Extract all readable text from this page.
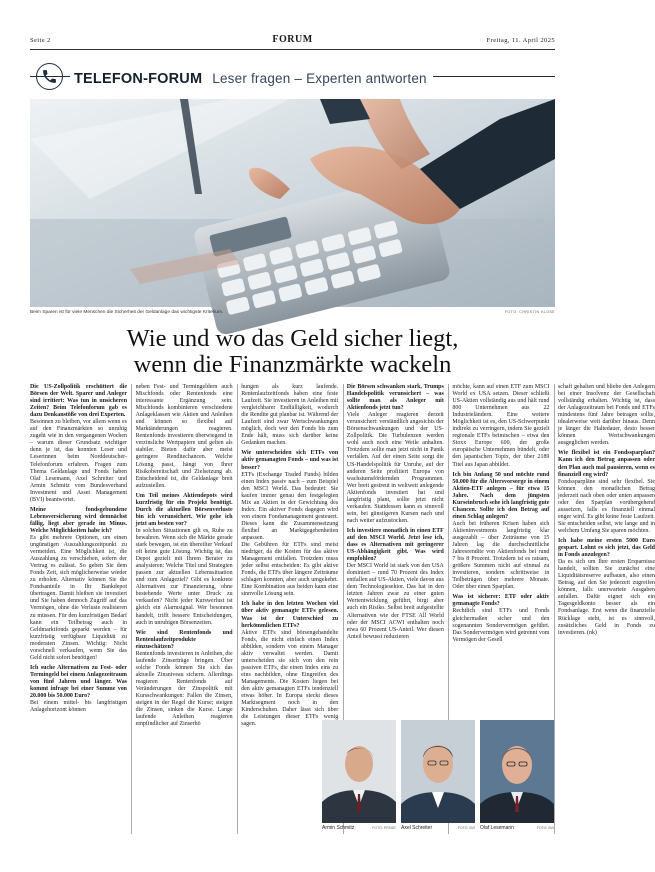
Seite 2	FORUM	Freitag, 11. April 2025
TELEFON-FORUM Leser fragen – Experten antworten
Beim Sparen ist für viele Menschen die Sicherheit der Geldanlage das wichtigste Kriterium.	FOTO: CHRISTIN KLOSE
Wie und wo das Geld sicher liegt,
wenn die Finanzmärkte wackeln

Die US-Zollpolitik erschüttert die Börsen der Welt. Sparer und Anleger sind irritiert: Was tun in unsicheren Zeiten? Beim Telefonforum gab es dazu Denkanstöße von drei Experten.

Besonnen zu bleiben, vor allem wenn es auf den Finanzmärkten so unruhig zugeht wie in den vergangenen Wochen – warum dieser Grundsatz wichtiger denn je ist, das konnten Leser und Leserinnen beim Norddeutscher-Telefonforum erfahren. Fragen zum Thema Geldanlage und Fonds haben Olaf Lesemann, Axel Schreiter und Armin Schmitz vom Bundesverband Investment und Asset Management (BVI) beantwortet.

Meine fondsgebundene Lebensversicherung wird demnächst fällig, liegt aber gerade im Minus. Welche Möglichkeiten habe ich?

Es gibt mehrere Optionen, um einen ungünstigen Auszahlungszeitpunkt zu vermeiden. Eine Möglichkeit ist, die Auszahlung zu verschieben, sofern der Vertrag es zulässt. So geben Sie dem Fonds Zeit, sich möglicherweise wieder zu erholen. Alternativ können Sie die Fondsanteile in Ihr Bankdepot übertragen. Damit bleiben sie investiert und Sie haben dennoch Zugriff auf das Vermögen, ohne die Verluste realisieren zu müssen. Für den kurzfristigen Bedarf kann ein Teilbetrag auch in Geldmarktfonds geparkt werden – für kurzfristig verfügbare Liquidität zu moderaten Zinsen. Wichtig: Nicht vorschnell verkaufen, wenn Sie das Geld nicht sofort benötigen!

Ich suche Alternativen zu Fest- oder Termingeld bei einem Anlagezeitraum von fünf Jahren und länger. Was kommt infrage bei einer Summe von 20.000 bis 50.000 Euro?

Bei einem mittel- bis langfristigen Anlagehorizont können

neben Fest- und Termingeldern auch Mischfonds oder Rentenfonds eine interessante Ergänzung sein. Mischfonds kombinieren verschiedene Anlageklassen wie Aktien und Anleihen und können so flexibel auf Marktänderungen reagieren. Rentenfonds investieren überwiegend in verzinsliche Wertpapiere und gelten als stabiler. Bieten dafür aber meist geringere Renditechancen. Welche Lösung passt, hängt von Ihrer Risikobereitschaft und Zielsetzung ab. Entscheidend ist, die Geldanlage breit aufzustellen.

Um Teil meines Aktiendepots wird kurzfristig für ein Projekt benötigt. Durch die aktuellen Börsenverluste bin ich verunsichert. Wie gehe ich jetzt am besten vor?

In solchen Situationen gilt es, Ruhe zu bewahren. Wenn sich die Märkte gerade stark bewegen, ist ein übereilter Verkauf oft keine gute Lösung. Wichtig ist, das Depot gezielt mit Ihrem Berater zu analysieren: Welche Titel und Strategien passen zur aktuellen Lebenssituation und zum Anlageziel? Gibt es konkrete Alternativen zur Finanzierung, ohne bestehende Werte unter Druck zu verkaufen? Nicht jeder Kurswerlust ist gleich ein Alarmsignal. Wer besonnen handelt, trifft bessere Entscheidungen, auch in unruhigen Börsenzeiten.

Wie sind Rentenfonds und Rentenlaufzeitprodukte einzuschätzen?

Rentenfonds investieren in Anleihen, die laufende Zinserträge bringen. Über solche Fonds können Sie sich das aktuelle Zinsniveau sichern. Allerdings reagieren Rentenfonds auf Veränderungen der Zinspolitik mit Kursschwankungen: Fallen die Zinsen, steigen in der Regel die Kurse; steigen die Zinsen, sinken die Kurse. Lange laufende Anleihen reagieren empfindlicher auf Zinserhö

hungen als kurz laufende. Rentenlaufzeitfonds haben eine feste Laufzeit. Sie investieren in Anleihen mit vergleichbarer Endfälligkeit, wodurch die Rendite gut planbar ist. Während der Laufzeit sind zwar Wertschwankungen möglich, doch wer den Fonds bis zum Ende hält, muss sich darüber keine Gedanken machen.

Wie unterscheiden sich ETFs von aktiv gemanagten Fonds – und was ist besser?

ETFs (Exchange Traded Funds) bilden einen Index passiv nach – zum Beispiel den MSCI World. Das bedeutet: Sie kaufen immer genau den festgelegten Mix an Aktien in der Gewichtung des Index. Ein aktiver Fonds dagegen wird von einem Fondsmanagement gesteuert. Dieses kann die Zusammensetzung flexibel an Marktgegebenheiten anpassen.

Die Gebühren für ETFs sind meist niedriger, da die Kosten für das aktive Management entfallen. Trotzdem muss jeder selbst entscheiden: Es gibt aktive Fonds, die ETFs über längere Zeiträume schlagen konnten, aber auch umgekehrt. Eine Kombination aus beiden kann eine sinnvolle Lösung sein.

Ich habe in den letzten Wochen viel über aktiv gemanagte ETFs gelesen. Was ist der Unterschied zu herkömmlichen ETFs?

Aktive ETFs sind börsengehandelte Fonds, die nicht einfach einen Index abbilden, sondern von einem Manager aktiv verwaltet werden. Damit unterscheiden sie sich von den rein passiven ETFs, die einen Index eins zu eins nachbilden, ohne Eingreifen des Managements. Die Kosten liegen bei den aktiv gemanagten ETFs tendenziell etwas höher. In Europa steckt dieses Marktsegment noch in den Kinderschuhen. Daher lässt sich über die Leistungen dieser ETFs wenig sagen.

Die Börsen schwanken stark, Trumps Handelspolitik verunsichert – was sollte man als Anleger mit Aktienfonds jetzt tun?

Viele Anleger reagieren derzeit verunsichert: verständlich angesichts der Börsenschwankungen und der US-Zollpolitik. Die Turbulenzen werden wohl auch noch eine Weile anhalten. Trotzdem sollte man jetzt nicht in Panik verfallen. Auf der einen Seite sorgt die US-Handelspolitik für Unruhe, auf der anderen Seite profitiert Europa von wachstumsfördernden Programmen. Wer breit gestreut in weltweit anlegende Aktienfonds investiert hat und langfristig plant, sollte jetzt nicht verkaufen. Stattdessen kann es sinnvoll sein, bei günstigeren Kursen nach und nach weiter aufzustocken.

Ich investiere monatlich in einen ETF auf den MSCI World. Jetzt lese ich, dass es Alternativen mit geringerer US-Abhängigkeit gibt. Was wird empfohlen?

Der MSCI World ist stark von den USA dominiert – rund 70 Prozent des Index entfallen auf US-Aktien, viele davon aus dem Technologiesektor. Das hat in den letzten Jahren zwar zu einer guten Wertentwicklung geführt, birgt aber auch ein Risiko. Selbst breit aufgestellte Alternativen wie der FTSE All World oder der MSCI ACWI enthalten noch etwa 60 Prozent US-Anteil. Wer diesen Anteil bewusst reduzieren

möchte, kann auf einen ETF zum MSCI World ex USA setzen. Dieser schließt US-Aktien vollständig aus und hält rund 800 Unternehmen aus 22 Industrieländern. Eine weitere Möglichkeit ist es, den US-Schwerpunkt indirekt zu verringern, indem Sie gezielt regionale ETFs beimischen – etwa den Stoxx Europe 600, der große europäische Unternehmen bündelt, oder den japanischen Topix, der über 2189 Titel aus Japan abbildet.

Ich bin Anfang 50 und möchte rund 50.000 für die Altersvorsorge in einem Aktien-ETF anlegen – für etwa 15 Jahre. Nach dem jüngsten Kurseinbruch sehe ich langfristig gute Chancen. Sollte ich den Betrag auf einen Schlag anlegen?

Auch bei früheren Krisen haben sich Aktieninvestments langfristig klar ausgezahlt – über Zeiträume von 15 Jahren lag die durchschnittliche Jahresrendite von Aktienfonds bei rund 7 bis 8 Prozent. Trotzdem ist es ratsam, größere Summen nicht auf einmal zu investieren, sondern schrittweise in Teilbeträgen über mehrere Monate. Oder über einen Sparplan.

Was ist sicherer: ETF oder aktiv gemanagte Fonds?

Rechtlich sind ETFs und Fonds gleichermaßen sicher und den sogenannten Sondervermögen geführt. Das Sondervermögen wird getrennt vom Vermögen der Gesell

schaft gehalten und bliebe den Anlegern bei einer Insolvenz der Gesellschaft vollständig erhalten. Wichtig ist, dass der Anlagezeitraum bei Fonds und ETFs mindestens fünf Jahre betragen sollte, idealerweise weit darüber hinaus. Denn je länger die Haltedauer, desto besser können Wertschwankungen ausgeglichen werden.

Wie flexibel ist ein Fondssparplan? Kann ich den Betrag anpassen oder den Plan auch mal pausieren, wenn es finanziell eng wird?

Fondssparpläne sind sehr flexibel. Sie können den monatlichen Betrag jederzeit nach oben oder unten anpassen oder den Sparplan vorübergehend aussetzen, falls es finanziell einmal enger wird. Es gibt keine feste Laufzeit. Sie entscheiden selbst, wie lange und in welchem Umfang Sie sparen möchten.

Ich habe meine ersten 5000 Euro gespart. Lohnt es sich jetzt, das Geld in Fonds anzulegen?

Da es sich um Ihre ersten Ersparnisse handelt, sollten Sie zunächst eine Liquiditätsreserve aufbauen, also einen Betrag, auf den Sie jederzeit zugreifen können, falls unerwartete Ausgaben anfallen. Dafür eignet sich ein Tagesgeldkonto besser als ein Fondsanlage. Erst wenn die finanzielle Rücklage steht, ist es sinnvoll, zusätzliches Geld in Fonds zu investieren. (nk)

Armin Schmitz	FOTO: PRIVAT Axel Schreiter	FOTO: BVI Olaf Lesemann	FOTO: BVI
